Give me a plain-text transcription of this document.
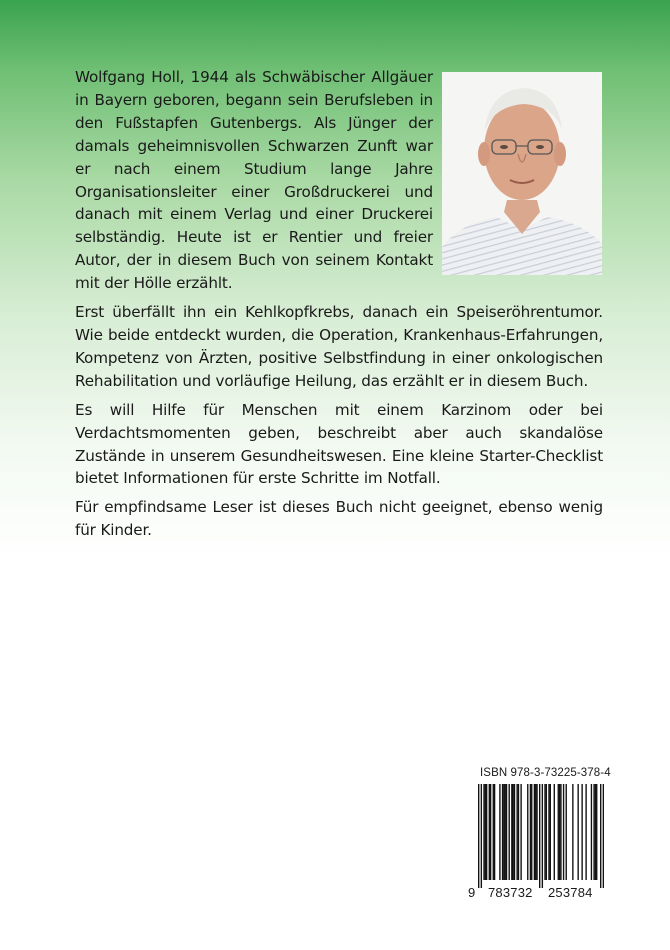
Wolfgang Holl, 1944 als Schwäbischer Allgäuer in Bayern geboren, begann sein Berufsleben in den Fußstapfen Gutenbergs. Als Jünger der damals geheimnisvollen Schwarzen Zunft war er nach einem Studium lange Jahre Organisationsleiter einer Großdruckerei und danach mit einem Verlag und einer Druckerei selbständig. Heute ist er Rentier und freier Autor, der in diesem Buch von seinem Kontakt mit der Hölle erzählt.

Erst überfällt ihn ein Kehlkopfkrebs, danach ein Speiseröhrentumor. Wie beide entdeckt wurden, die Operation, Krankenhaus-Erfahrungen, Kompetenz von Ärzten, positive Selbstfindung in einer onkologischen Rehabilitation und vorläufige Heilung, das erzählt er in diesem Buch.

Es will Hilfe für Menschen mit einem Karzinom oder bei Verdachtsmomenten geben, beschreibt aber auch skandalöse Zustände in unserem Gesundheitswesen. Eine kleine Starter-Checklist bietet Informationen für erste Schritte im Notfall.

Für empfindsame Leser ist dieses Buch nicht geeignet, ebenso wenig für Kinder.

ISBN 978-3-73225-378-4
9 783732 253784
